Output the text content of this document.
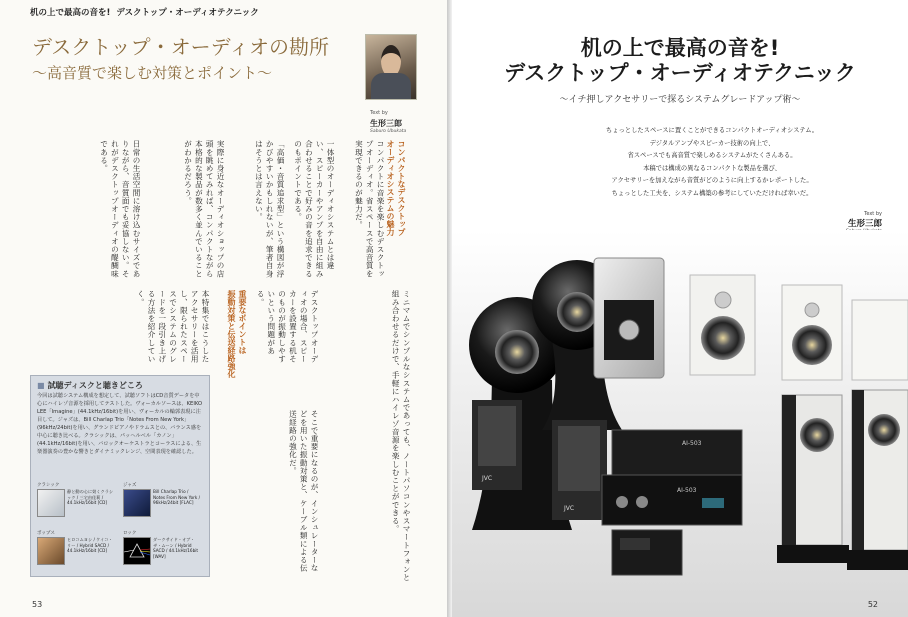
机の上で最高の音を! デスクトップ・オーディオテクニック
デスクトップ・オーディオの勘所
〜高音質で楽しむ対策とポイント〜
Text by
生形三郎
Saburo Ubukata
コンパクトなデスクトップ
オーディオシステムの魅力
重要なポイントは
振動対策と伝送経路強化
コンパクトに音楽を楽しむデスクトップオーディオ。省スペースで高音質を実現できるのが魅力だ。
一体型のオーディオシステムとは違い、スピーカーやアンプを自由に組み合わせることで好みの音を追求できるのもポイントである。
「高価・音質追求型」という構図が浮かびやすいかもしれないが、筆者自身はそうとは言えない。
実際に身近なオーディオショップの店頭を眺めてみれば、コンパクトながら本格的な製品が数多く並んでいることがわかるだろう。
日常の生活空間に溶け込むサイズでありながら、音質面でも妥協しない。それがデスクトップオーディオの醍醐味である。
ミニマムでシンプルなシステムであっても、ノートパソコンやスマートフォンと組み合わせるだけで、手軽にハイレゾ音源を楽しむことができる。
デスクトップオーディオの場合、スピーカーを設置する机そのものが振動しやすいという問題がある。
そこで重要になるのが、インシュレーターなどを用いた振動対策と、ケーブル類による伝送経路の強化だ。
本特集ではこうしたアクセサリーを活用し、限られたスペースでシステムのグレードを一段引き上げる方法を紹介していく。
■ 試聴ディスクと聴きどころ
今回は試聴システム構成を想定して、試聴ソフトはCD音質データを中心にハイレゾ音源を採用してテストした。ヴォーカルソースは、KEIKO LEE「Imagine」(44.1kHz/16bit)を用い、ヴォーカルの輪郭表現に注目して。ジャズは、Bill Charlap Trio「Notes From New York」(96kHz/24bit)を用い、グランドピアノやドラムスとの、バランス感を中心に聴き比べる。クラシックは、パッヘルベル「カノン」(44.1kHz/16bit)を用い、バロックオーケストラとコーラスによる、生楽器演奏の豊かな響きとダイナミックレンジ、空間表現を確認した。
クラシック
静と動の心に効くクラシック / 三宅由佳莉 / 44.1kHz/16bit [CD]
ジャズ
Bill Charlap Trio / Notes From New York / 96kHz/24bit [FLAC]
ポップス
ヒロコムヨシ / ケイコ・リー / Hybrid SACD / 44.1kHz/16bit [CD]
ロック
ダークサイド・オブ・ザ・ムーン / Hybrid SACD / 44.1kHz/16bit [WAV]
53
机の上で最高の音を!
デスクトップ・オーディオテクニック
〜イチ押しアクセサリーで探るシステムグレードアップ術〜
ちょっとしたスペースに置くことができるコンパクトオーディオシステム。
デジタルアンプやスピーカー技術の向上で、
省スペースでも高音質で楽しめるシステムがたくさんある。
本稿では構成の異なるコンパクトな製品を選び、
アクセサリーを加えながら音質がどのように向上するかレポートした。
ちょっとした工夫を、システム構築の参考にしていただければ幸いだ。
Text by
生形三郎
JVC
JVC
AI-503
AI-503
52
